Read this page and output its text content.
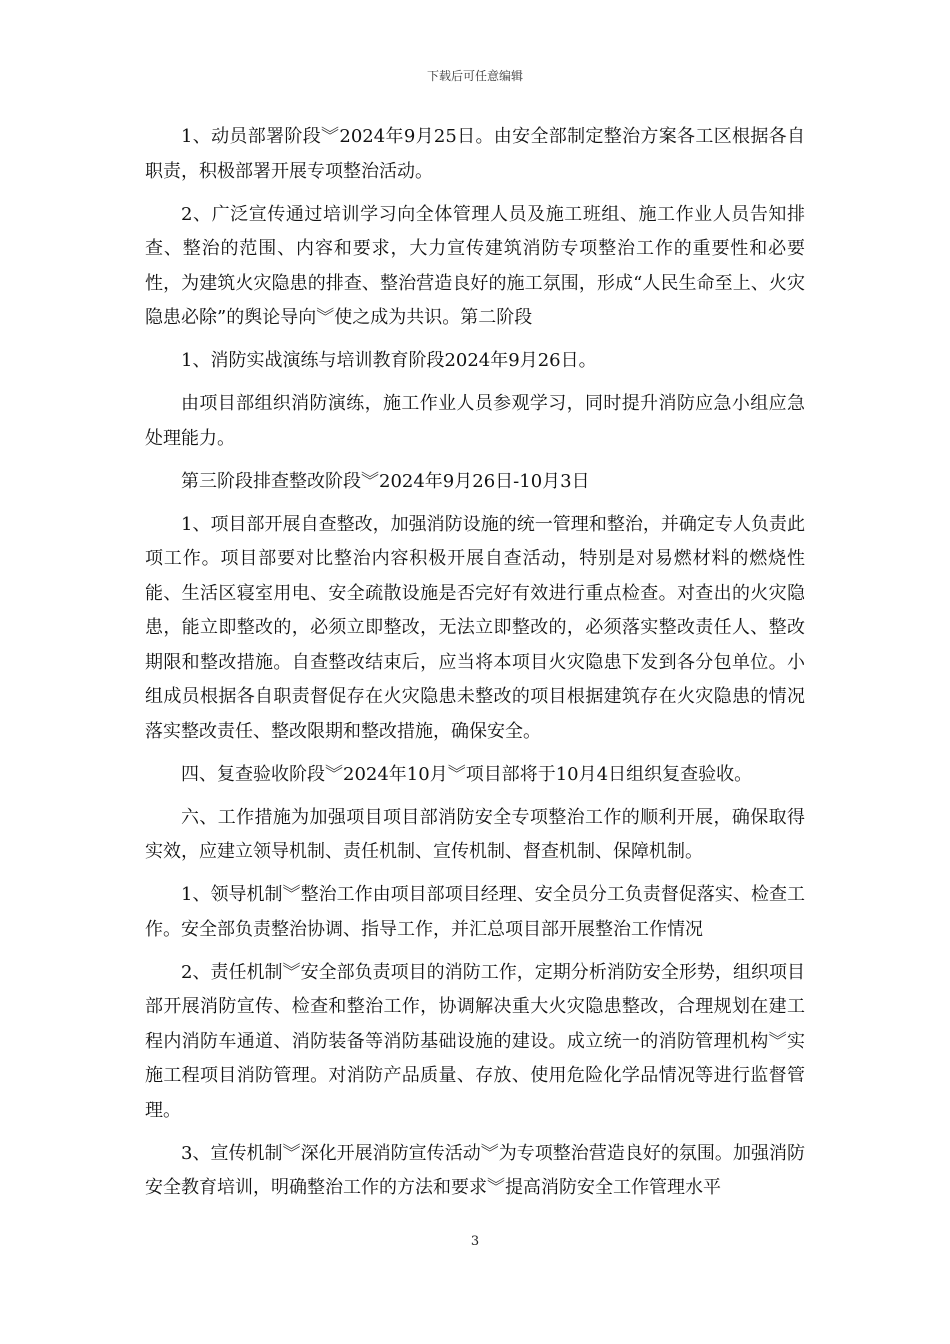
下载后可任意编辑

1、动员部署阶段︾2024年9月25日。由安全部制定整治方案各工区根据各自职责，积极部署开展专项整治活动。

2、广泛宣传通过培训学习向全体管理人员及施工班组、施工作业人员告知排查、整治的范围、内容和要求，大力宣传建筑消防专项整治工作的重要性和必要性，为建筑火灾隐患的排查、整治营造良好的施工氛围，形成“人民生命至上、火灾隐患必除”的舆论导向︾使之成为共识。第二阶段

1、消防实战演练与培训教育阶段2024年9月26日。

由项目部组织消防演练，施工作业人员参观学习，同时提升消防应急小组应急处理能力。

第三阶段排查整改阶段︾2024年9月26日-10月3日

1、项目部开展自查整改，加强消防设施的统一管理和整治，并确定专人负责此项工作。项目部要对比整治内容积极开展自查活动，特别是对易燃材料的燃烧性能、生活区寝室用电、安全疏散设施是否完好有效进行重点检查。对查出的火灾隐患，能立即整改的，必须立即整改，无法立即整改的，必须落实整改责任人、整改期限和整改措施。自查整改结束后，应当将本项目火灾隐患下发到各分包单位。小组成员根据各自职责督促存在火灾隐患未整改的项目根据建筑存在火灾隐患的情况落实整改责任、整改限期和整改措施，确保安全。

四、复查验收阶段︾2024年10月︾项目部将于10月4日组织复查验收。

六、工作措施为加强项目项目部消防安全专项整治工作的顺利开展，确保取得实效，应建立领导机制、责任机制、宣传机制、督查机制、保障机制。

1、领导机制︾整治工作由项目部项目经理、安全员分工负责督促落实、检查工作。安全部负责整治协调、指导工作，并汇总项目部开展整治工作情况

2、责任机制︾安全部负责项目的消防工作，定期分析消防安全形势，组织项目部开展消防宣传、检查和整治工作，协调解决重大火灾隐患整改，合理规划在建工程内消防车通道、消防装备等消防基础设施的建设。成立统一的消防管理机构︾实施工程项目消防管理。对消防产品质量、存放、使用危险化学品情况等进行监督管理。

3、宣传机制︾深化开展消防宣传活动︾为专项整治营造良好的氛围。加强消防安全教育培训，明确整治工作的方法和要求︾提高消防安全工作管理水平

3
